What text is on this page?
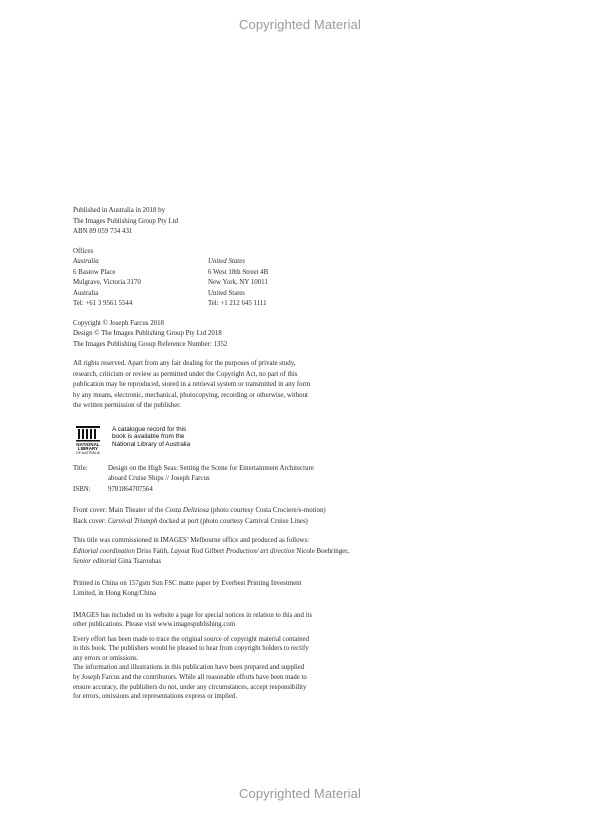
Copyrighted Material
Published in Australia in 2018 by
The Images Publishing Group Pty Ltd
ABN 89 059 734 431
Offices
Australia
6 Bastow Place
Mulgrave, Victoria 3170
Australia
Tel: +61 3 9561 5544
United States
6 West 18th Street 4B
New York, NY 10011
United States
Tel: +1 212 645 1111
Copyright © Joseph Farcus 2018
Design © The Images Publishing Group Pty Ltd 2018
The Images Publishing Group Reference Number: 1352
All rights reserved. Apart from any fair dealing for the purposes of private study,
research, criticism or review as permitted under the Copyright Act, no part of this
publication may be reproduced, stored in a retrieval system or transmitted in any form
by any means, electronic, mechanical, photocopying, recording or otherwise, without
the written permission of the publisher.
NATIONAL
LIBRARY
OF AUSTRALIA
A catalogue record for this
book is available from the
National Library of Australia
Title:	Design on the High Seas: Setting the Scene for Entertainment Architecture
aboard Cruise Ships // Joseph Farcus
ISBN:	9781864707564
Front cover: Main Theater of the Costa Deliziosa (photo courtesy Costa Crociere/e-motion)
Back cover: Carnival Triumph docked at port (photo courtesy Carnival Cruise Lines)
This title was commissioned in IMAGES’ Melbourne office and produced as follows:
Editorial coordination Driss Fatih, Layout Rod Gilbert Production/ art direction Nicole Boehringer,
Senior editorial Gina Tsarouhas
Printed in China on 157gsm Sun FSC matte paper by Everbest Printing Investment
Limited, in Hong Kong/China
IMAGES has included on its website a page for special notices in relation to this and its
other publications. Please visit www.imagespublishing.com
Every effort has been made to trace the original source of copyright material contained
in this book. The publishers would be pleased to hear from copyright holders to rectify
any errors or omissions.
The information and illustrations in this publication have been prepared and supplied
by Joseph Farcus and the contributors. While all reasonable efforts have been made to
ensure accuracy, the publishers do not, under any circumstances, accept responsibility
for errors, omissions and representations express or implied.
Copyrighted Material
